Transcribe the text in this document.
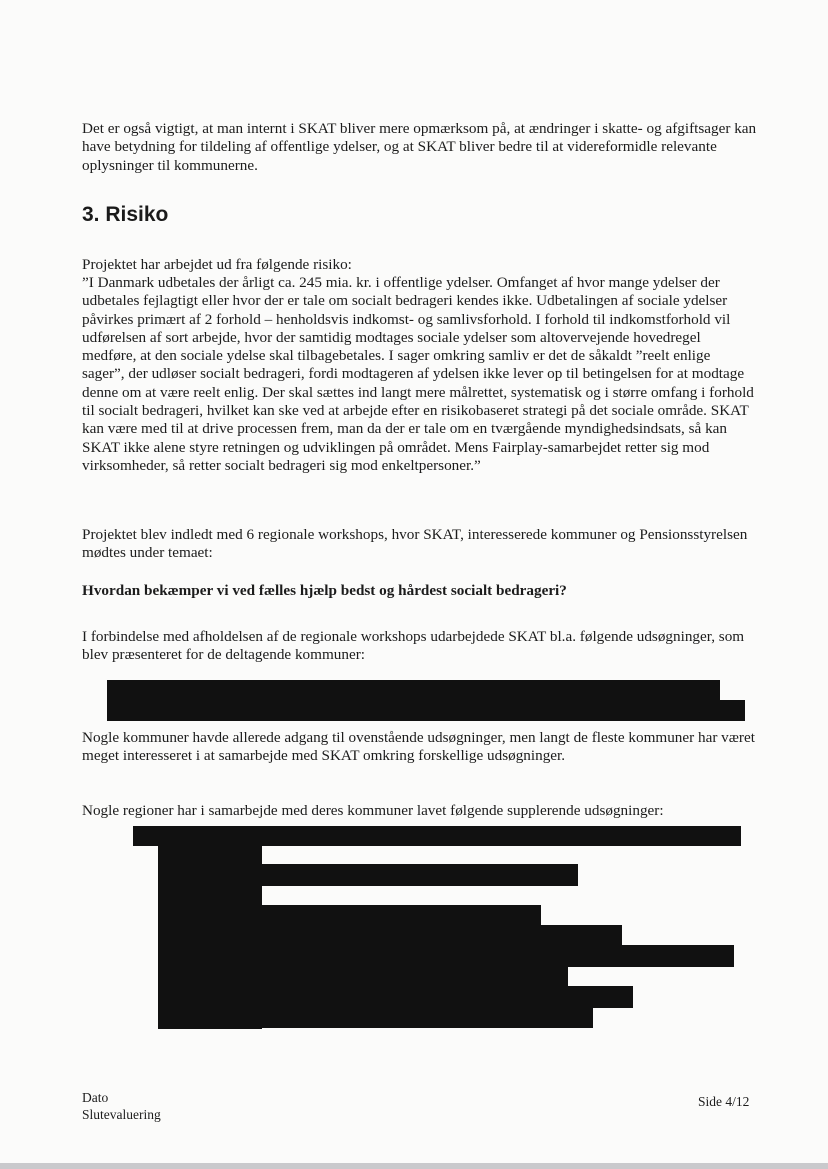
Det er også vigtigt, at man internt i SKAT bliver mere opmærksom på, at ændringer i skatte- og afgiftsager kan have betydning for tildeling af offentlige ydelser, og at SKAT bliver bedre til at videreformidle relevante oplysninger til kommunerne.

3. Risiko

Projektet har arbejdet ud fra følgende risiko:

”I Danmark udbetales der årligt ca. 245 mia. kr. i offentlige ydelser. Omfanget af hvor mange ydelser der udbetales fejlagtigt eller hvor der er tale om socialt bedrageri kendes ikke. Udbetalingen af sociale ydelser påvirkes primært af 2 forhold – henholdsvis indkomst- og samlivsforhold. I forhold til indkomstforhold vil udførelsen af sort arbejde, hvor der samtidig modtages sociale ydelser som altovervejende hovedregel medføre, at den sociale ydelse skal tilbagebetales. I sager omkring samliv er det de såkaldt ”reelt enlige sager”, der udløser socialt bedrageri, fordi modtageren af ydelsen ikke lever op til betingelsen for at modtage denne om at være reelt enlig. Der skal sættes ind langt mere målrettet, systematisk og i større omfang i forhold til socialt bedrageri, hvilket kan ske ved at arbejde efter en risikobaseret strategi på det sociale område. SKAT kan være med til at drive processen frem, man da der er tale om en tværgående myndighedsindsats, så kan SKAT ikke alene styre retningen og udviklingen på området. Mens Fairplay-samarbejdet retter sig mod virksomheder, så retter socialt bedrageri sig mod enkeltpersoner.”

Projektet blev indledt med 6 regionale workshops, hvor SKAT, interesserede kommuner og Pensionsstyrelsen mødtes under temaet:

Hvordan bekæmper vi ved fælles hjælp bedst og hårdest socialt bedrageri?

I forbindelse med afholdelsen af de regionale workshops udarbejdede SKAT bl.a. følgende udsøgninger, som blev præsenteret for de deltagende kommuner:

Nogle kommuner havde allerede adgang til ovenstående udsøgninger, men langt de fleste kommuner har været meget interesseret i at samarbejde med SKAT omkring forskellige udsøgninger.

Nogle regioner har i samarbejde med deres kommuner lavet følgende supplerende udsøgninger:

Dato
Slutevaluering
Side 4/12
